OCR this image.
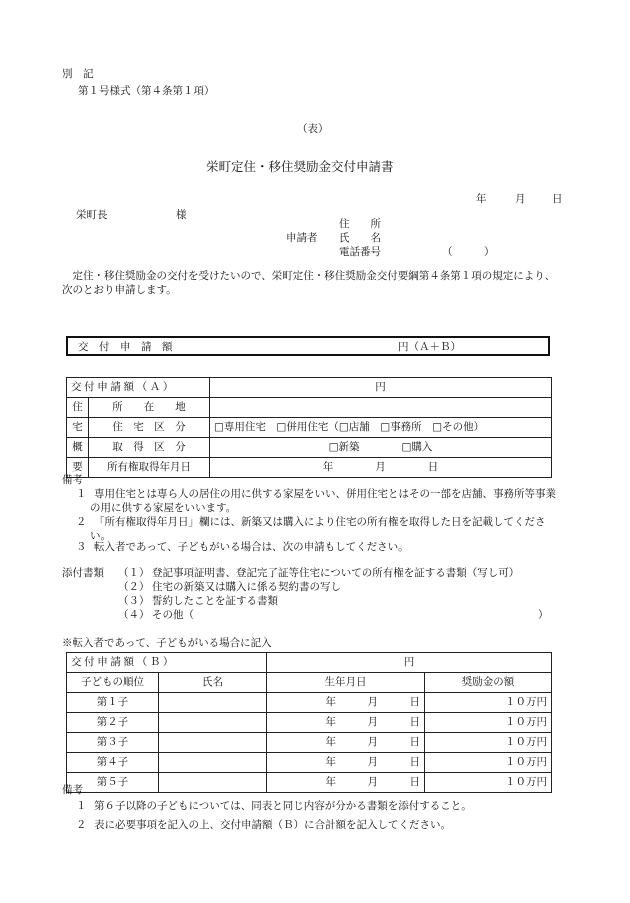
別　記
第１号様式（第４条第１項）
（表）
栄町定住・移住奨励金交付申請書
年	月	日
栄町長	様
住　　所
申請者 氏　　名
電話番号	（　　　）
　定住・移住奨励金の交付を受けたいので、栄町定住・移住奨励金交付要綱第４条第１項の規定により、次のとおり申請します。
交　付　申　請　額	円（Ａ＋Ｂ）
交付申請額（Ａ）		円
住	所　　在　　地	
宅	住　宅　区　分	□専用住宅　□併用住宅（□店舗　□事務所　□その他）
概	取　得　区　分	□新築　　　　□購入
要	所有権取得年月日	年　　　　月　　　　日
備考
１ 専用住宅とは専ら人の居住の用に供する家屋をいい、併用住宅とはその一部を店舗、事務所等事業の用に供する家屋をいいます。
２ 「所有権取得年月日」欄には、新築又は購入により住宅の所有権を取得した日を記載してください。
３ 転入者であって、子どもがいる場合は、次の申請もしてください。
添付書類 （１） 登記事項証明書、登記完了証等住宅についての所有権を証する書類（写し可）
（２） 住宅の新築又は購入に係る契約書の写し
（３） 誓約したことを証する書類
（４） その他（	）
※転入者であって、子どもがいる場合に記入
交付申請額（Ｂ）		円	
子どもの順位	氏名	生年月日	奨励金の額
第１子		年　　　月　　　日	１０万円
第２子		年　　　月　　　日	１０万円
第３子		年　　　月　　　日	１０万円
第４子		年　　　月　　　日	１０万円
第５子		年　　　月　　　日	１０万円
備考
１ 第６子以降の子どもについては、同表と同じ内容が分かる書類を添付すること。
２ 表に必要事項を記入の上、交付申請額（Ｂ）に合計額を記入してください。
